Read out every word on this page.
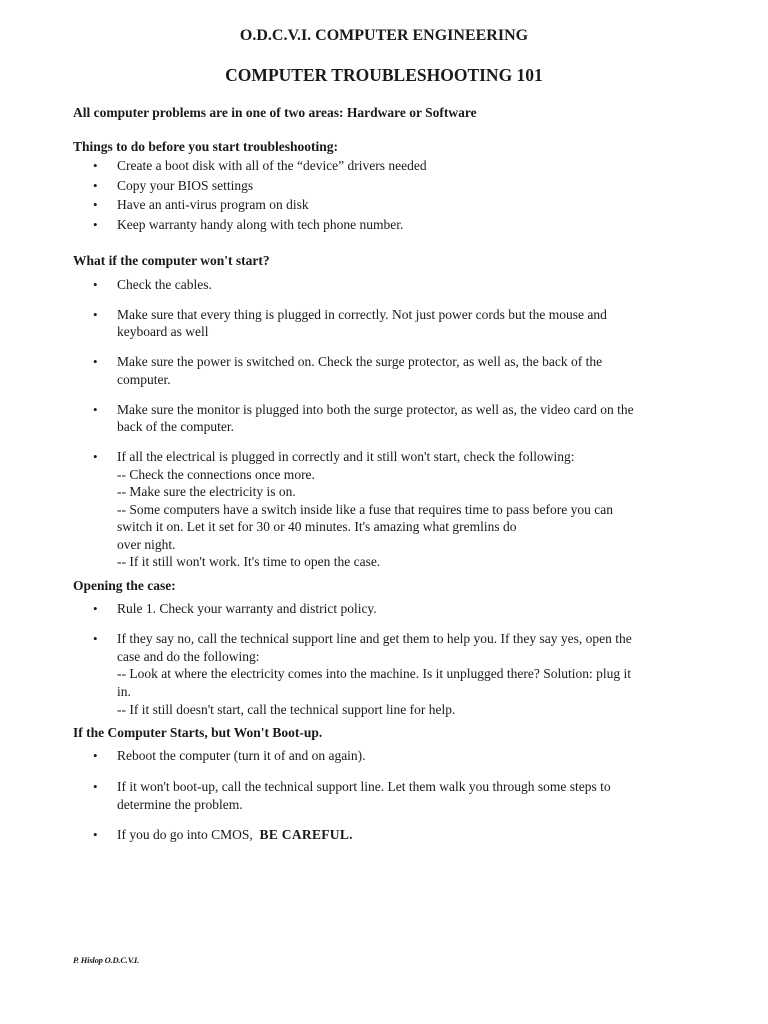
O.D.C.V.I. COMPUTER ENGINEERING
COMPUTER TROUBLESHOOTING 101

All computer problems are in one of two areas: Hardware or Software

Things to do before you start troubleshooting:

• Create a boot disk with all of the “device” drivers needed

• Copy your BIOS settings

• Have an anti-virus program on disk

• Keep warranty handy along with tech phone number.

What if the computer won't start?

• Check the cables.

• Make sure that every thing is plugged in correctly. Not just power cords but the mouse and

keyboard as well

• Make sure the power is switched on. Check the surge protector, as well as, the back of the

computer.

• Make sure the monitor is plugged into both the surge protector, as well as, the video card on the

back of the computer.

• If all the electrical is plugged in correctly and it still won't start, check the following:

-- Check the connections once more.

-- Make sure the electricity is on.

-- Some computers have a switch inside like a fuse that requires time to pass before you can

switch it on. Let it set for 30 or 40 minutes. It's amazing what gremlins do

over night.

-- If it still won't work. It's time to open the case.

Opening the case:

• Rule 1. Check your warranty and district policy.

• If they say no, call the technical support line and get them to help you. If they say yes, open the

case and do the following:

-- Look at where the electricity comes into the machine. Is it unplugged there? Solution: plug it

in.

-- If it still doesn't start, call the technical support line for help.

If the Computer Starts, but Won't Boot-up.

• Reboot the computer (turn it of and on again).

• If it won't boot-up, call the technical support line. Let them walk you through some steps to

determine the problem.

• If you do go into CMOS,  BE CAREFUL.

P. Hislop O.D.C.V.I.
